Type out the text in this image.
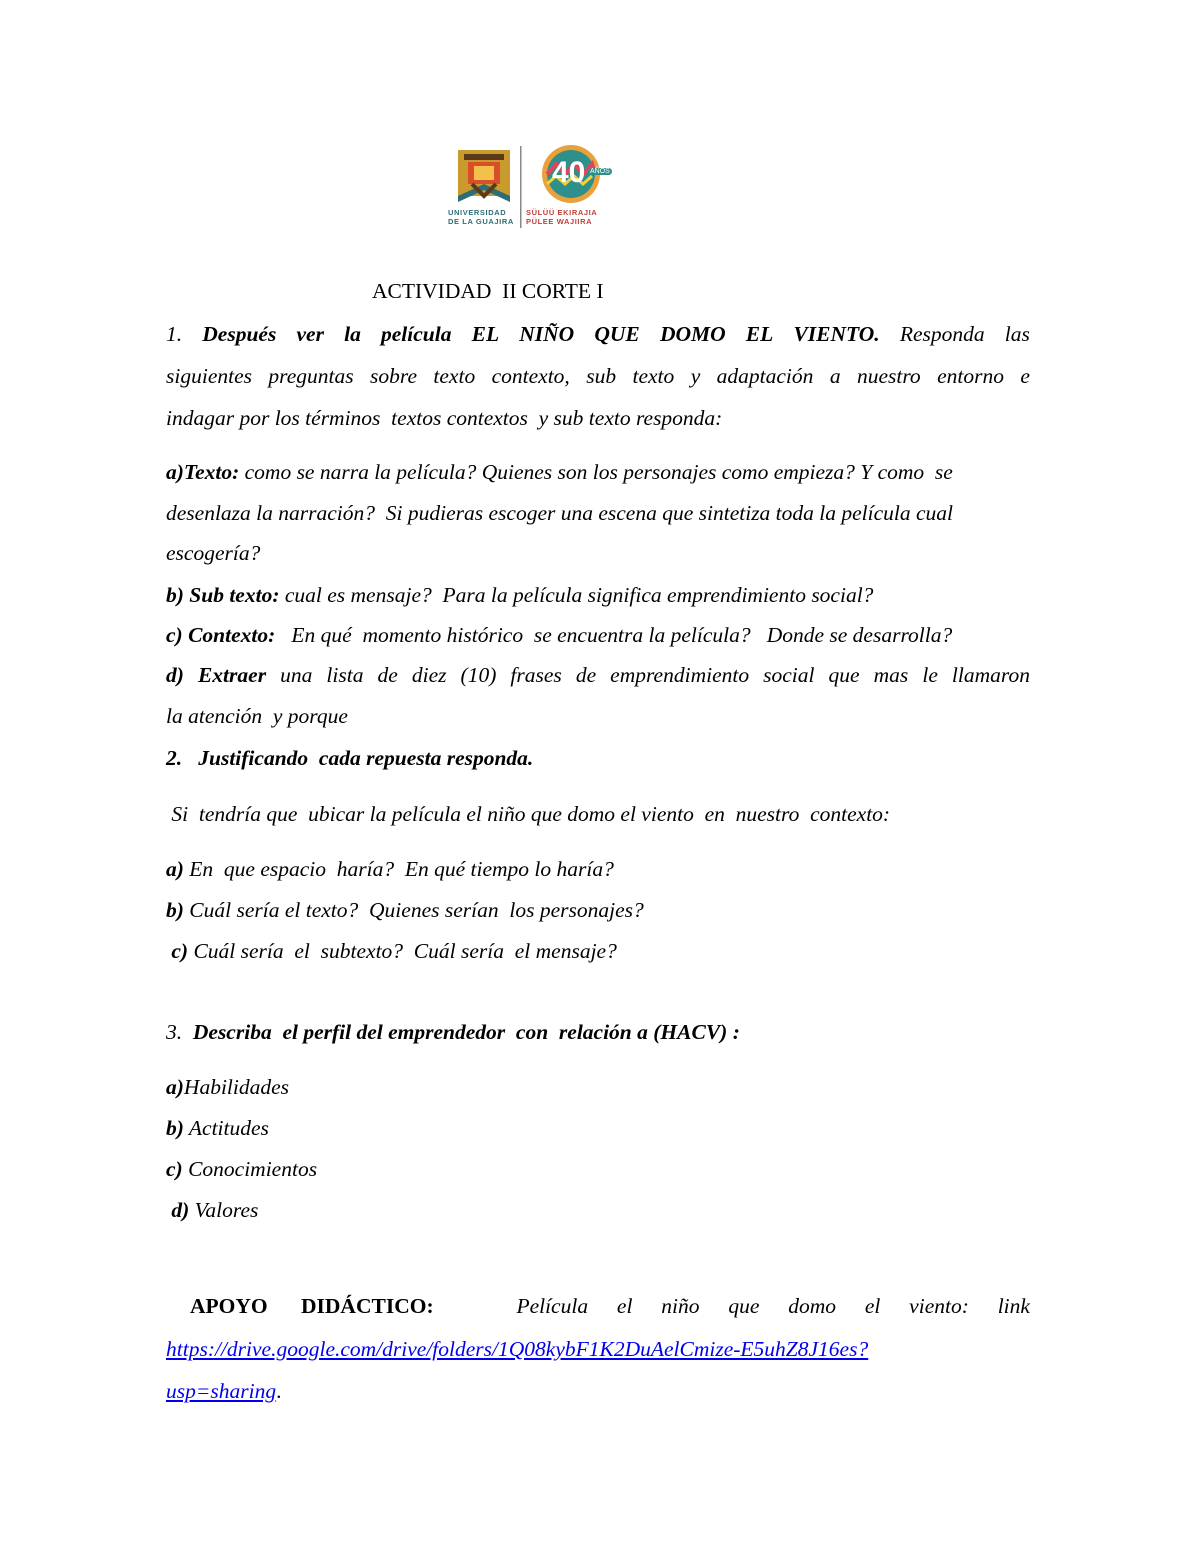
40 AÑOS
UNIVERSIDAD
DE LA GUAJIRA
SÜLÜÜ EKIRAJIA
PÜLEE WAJIIRA
ACTIVIDAD  II CORTE I
1. Después ver la película EL NIÑO QUE DOMO EL VIENTO. Responda las
siguientes preguntas sobre texto contexto, sub texto y adaptación a nuestro entorno e
indagar por los términos  textos contextos  y sub texto responda:
a)Texto: como se narra la película? Quienes son los personajes como empieza? Y como  se
desenlaza la narración?  Si pudieras escoger una escena que sintetiza toda la película cual
escogería?
b) Sub texto: cual es mensaje?  Para la película significa emprendimiento social?
c) Contexto:   En qué  momento histórico  se encuentra la película?   Donde se desarrolla?
d) Extraer una lista de diez (10) frases de emprendimiento social que mas le llamaron
la atención  y porque
2.   Justificando  cada repuesta responda.
Si  tendría que  ubicar la película el niño que domo el viento  en  nuestro  contexto:
a) En  que espacio  haría?  En qué tiempo lo haría?
b) Cuál sería el texto?  Quienes serían  los personajes?
c) Cuál sería  el  subtexto?  Cuál sería  el mensaje?
3.  Describa  el perfil del emprendedor  con  relación a (HACV) :
a)Habilidades
b) Actitudes
c) Conocimientos
d) Valores
APOYO DIDÁCTICO:	Película el niño que domo el viento: link
https://drive.google.com/drive/folders/1Q08kybF1K2DuAelCmize-E5uhZ8J16es?
usp=sharing.
